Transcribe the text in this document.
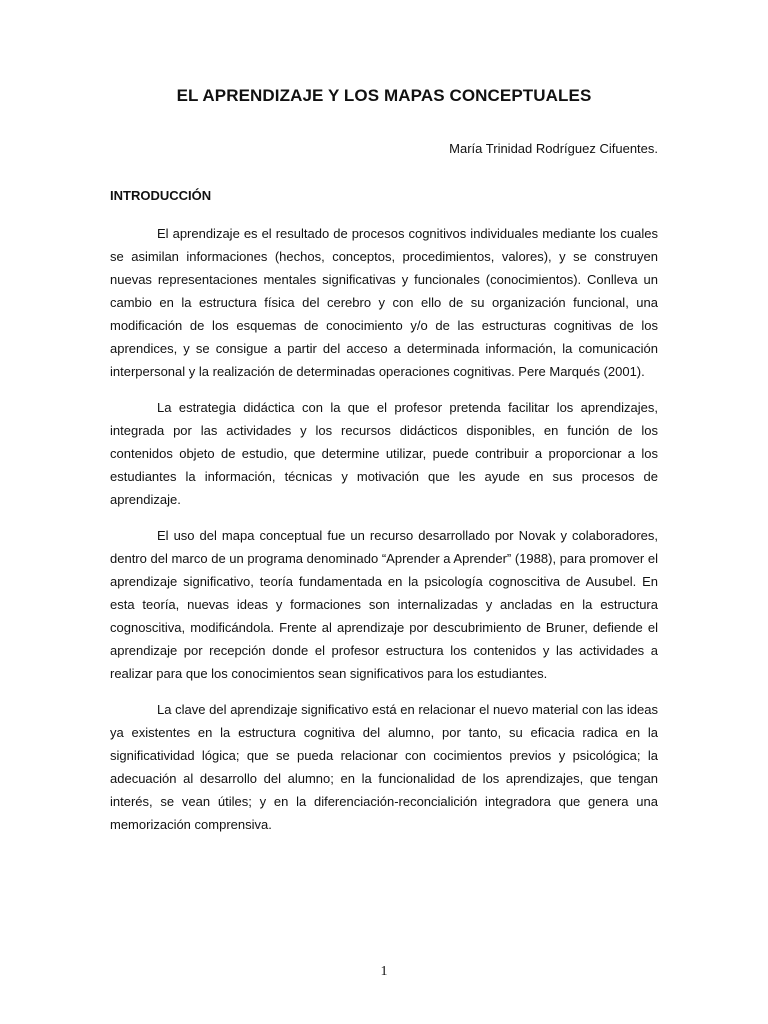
EL APRENDIZAJE Y LOS MAPAS CONCEPTUALES
María Trinidad Rodríguez Cifuentes.
INTRODUCCIÓN

El aprendizaje es el resultado de procesos cognitivos individuales mediante los cuales se asimilan informaciones (hechos, conceptos, procedimientos, valores), y se construyen nuevas representaciones mentales significativas y funcionales (conocimientos). Conlleva un cambio en la estructura física del cerebro y con ello de su organización funcional, una modificación de los esquemas de conocimiento y/o de las estructuras cognitivas de los aprendices, y se consigue a partir del acceso a determinada información, la comunicación interpersonal y la realización de determinadas operaciones cognitivas. Pere Marqués (2001).

La estrategia didáctica con la que el profesor pretenda facilitar los aprendizajes, integrada por las actividades y los recursos didácticos disponibles, en función de los contenidos objeto de estudio, que determine utilizar, puede contribuir a proporcionar a los estudiantes la información, técnicas y motivación que les ayude en sus procesos de aprendizaje.

El uso del mapa conceptual fue un recurso desarrollado por Novak y colaboradores, dentro del marco de un programa denominado “Aprender a Aprender” (1988), para promover el aprendizaje significativo, teoría fundamentada en la psicología cognoscitiva de Ausubel. En esta teoría, nuevas ideas y formaciones son internalizadas y ancladas en la estructura cognoscitiva, modificándola. Frente al aprendizaje por descubrimiento de Bruner, defiende el aprendizaje por recepción donde el profesor estructura los contenidos y las actividades a realizar para que los conocimientos sean significativos para los estudiantes.

La clave del aprendizaje significativo está en relacionar el nuevo material con las ideas ya existentes en la estructura cognitiva del alumno, por tanto, su eficacia radica en la significatividad lógica; que se pueda relacionar con cocimientos previos y psicológica; la adecuación al desarrollo del alumno; en la funcionalidad de los aprendizajes, que tengan interés, se vean útiles; y en la diferenciación-reconcialición integradora que genera una memorización comprensiva.

1
